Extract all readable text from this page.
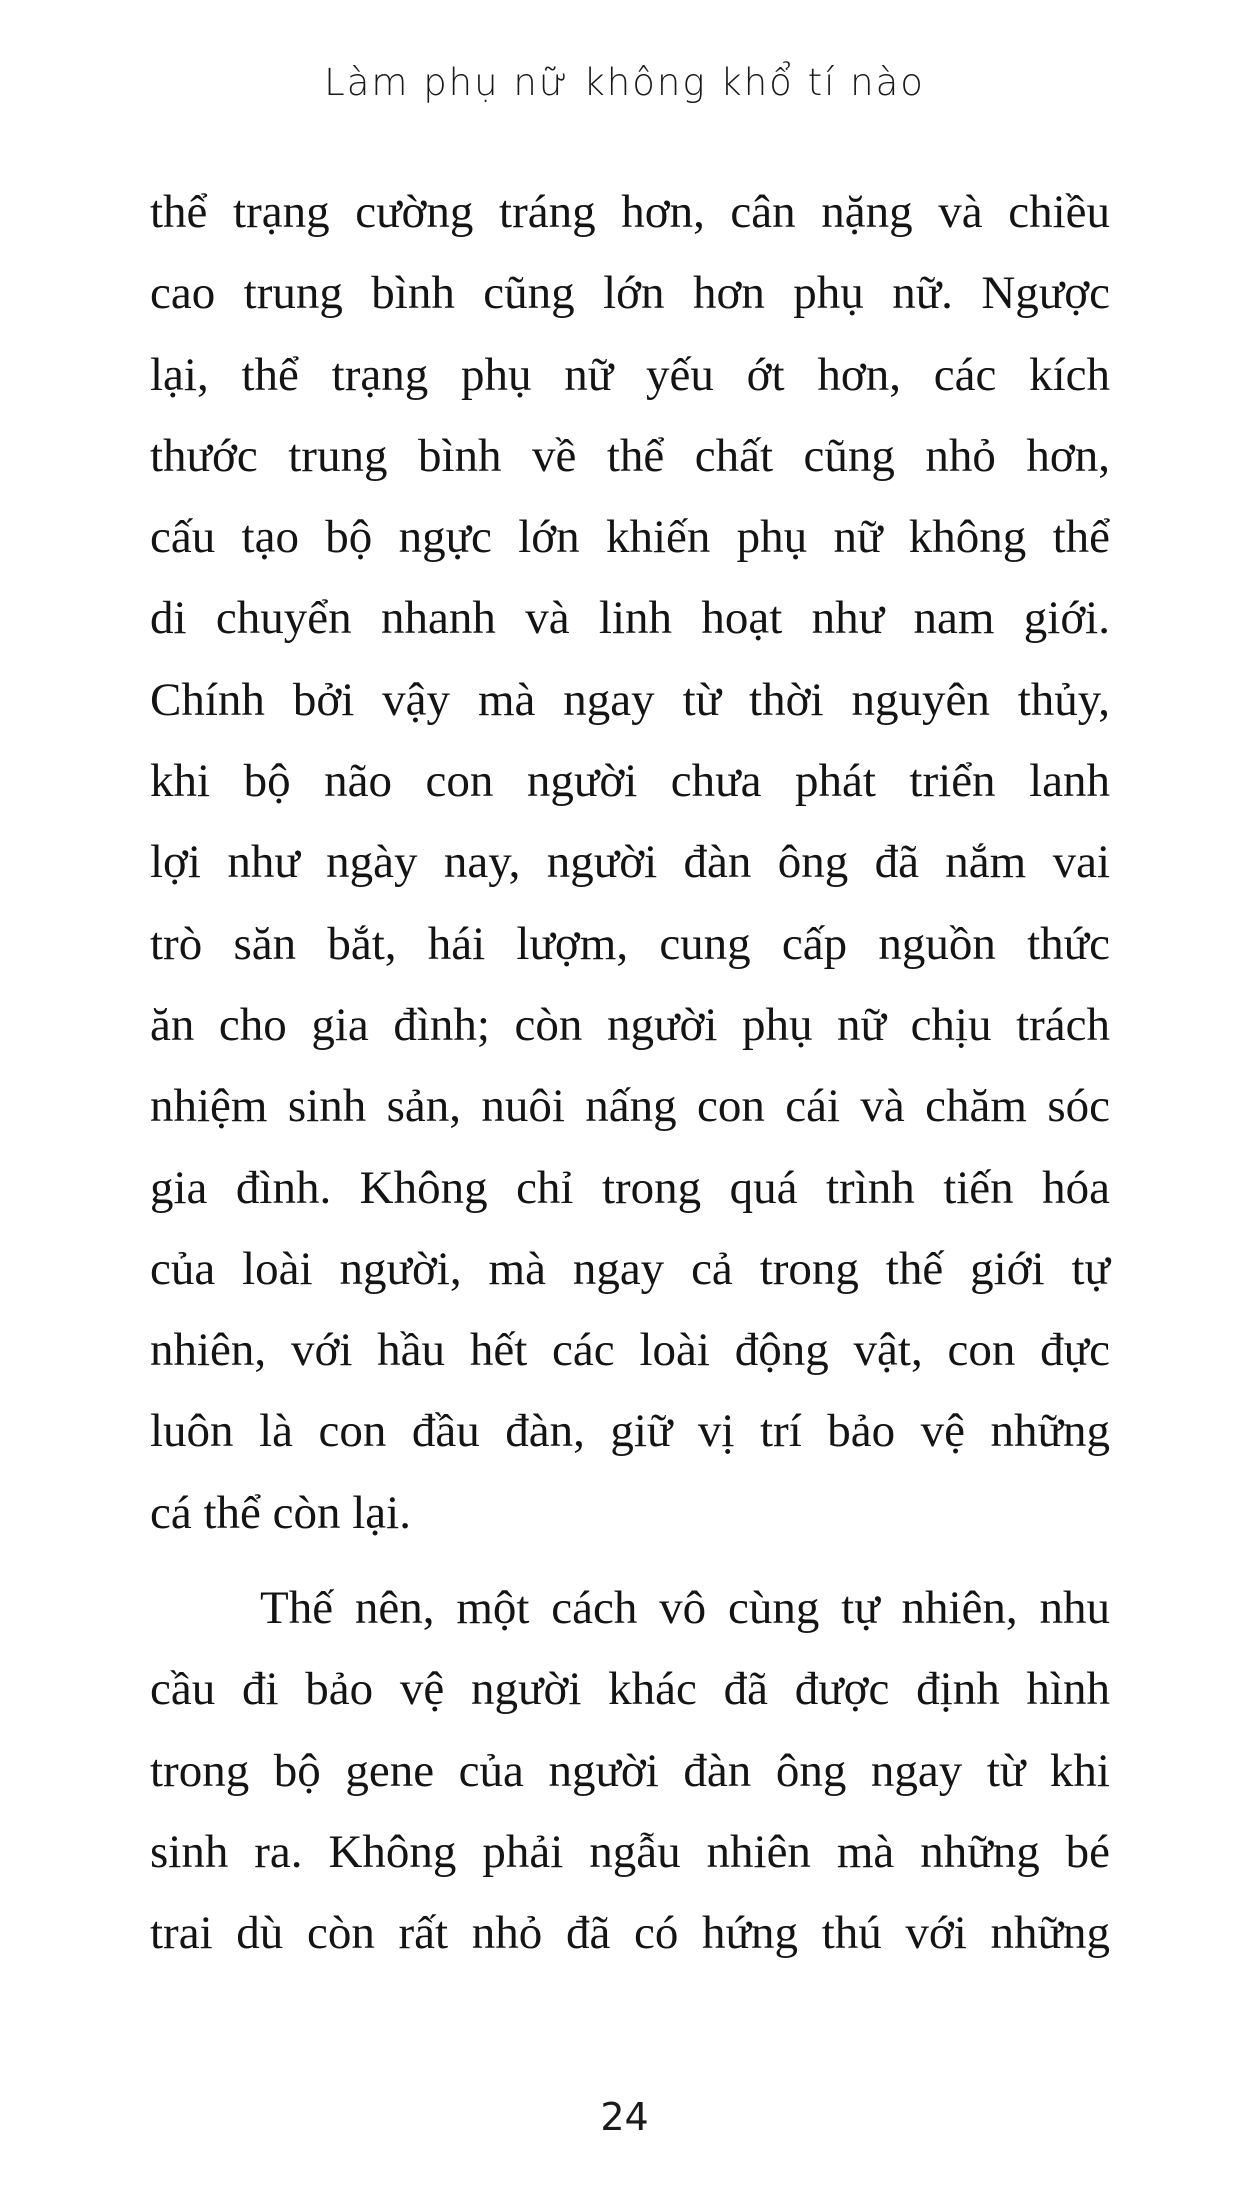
Làm phụ nữ không khổ tí nào
thể trạng cường tráng hơn, cân nặng và chiều
cao trung bình cũng lớn hơn phụ nữ. Ngược
lại, thể trạng phụ nữ yếu ớt hơn, các kích
thước trung bình về thể chất cũng nhỏ hơn,
cấu tạo bộ ngực lớn khiến phụ nữ không thể
di chuyển nhanh và linh hoạt như nam giới.
Chính bởi vậy mà ngay từ thời nguyên thủy,
khi bộ não con người chưa phát triển lanh
lợi như ngày nay, người đàn ông đã nắm vai
trò săn bắt, hái lượm, cung cấp nguồn thức
ăn cho gia đình; còn người phụ nữ chịu trách
nhiệm sinh sản, nuôi nấng con cái và chăm sóc
gia đình. Không chỉ trong quá trình tiến hóa
của loài người, mà ngay cả trong thế giới tự
nhiên, với hầu hết các loài động vật, con đực
luôn là con đầu đàn, giữ vị trí bảo vệ những
cá thể còn lại.
Thế nên, một cách vô cùng tự nhiên, nhu
cầu đi bảo vệ người khác đã được định hình
trong bộ gene của người đàn ông ngay từ khi
sinh ra. Không phải ngẫu nhiên mà những bé
trai dù còn rất nhỏ đã có hứng thú với những
24
